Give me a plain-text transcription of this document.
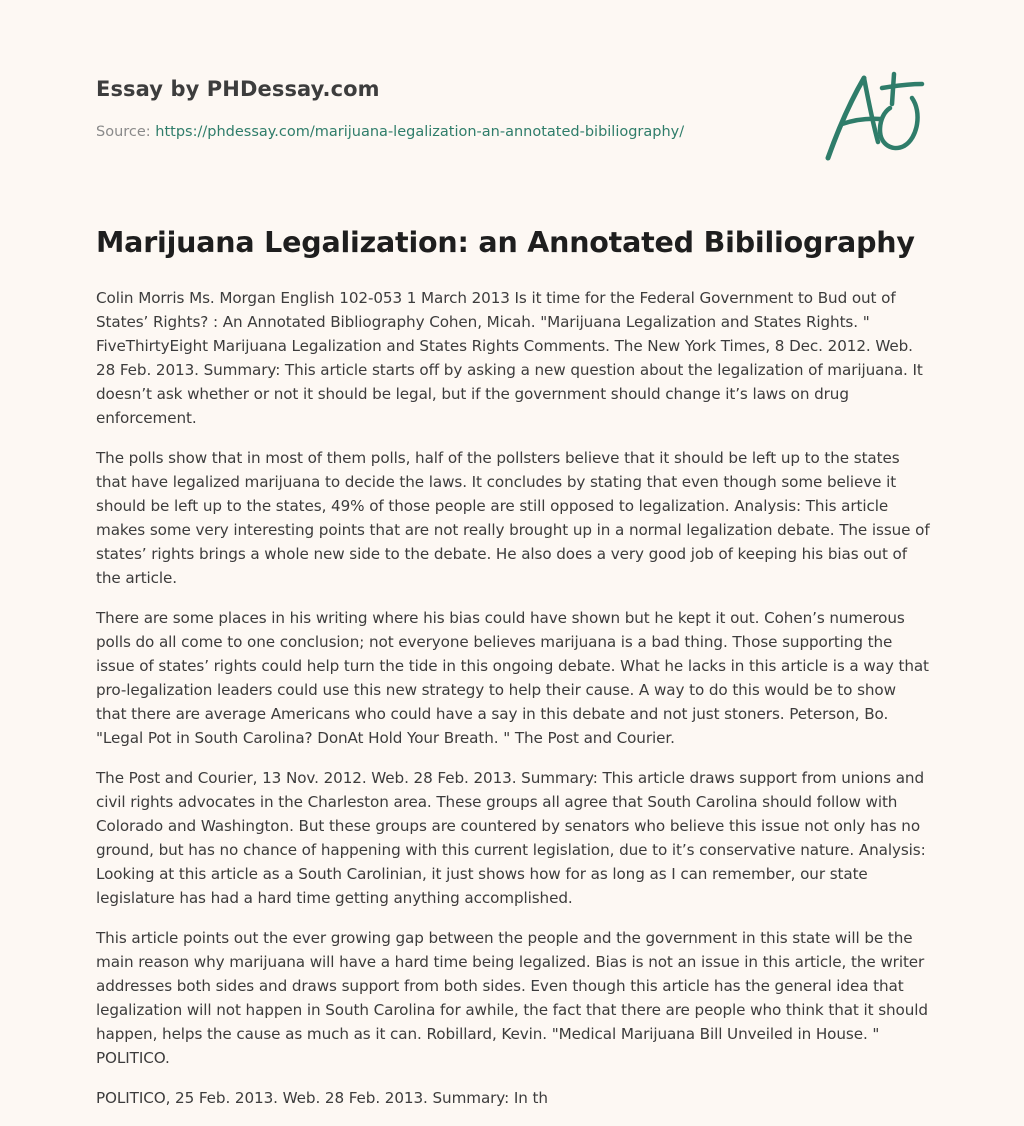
Essay by PHDessay.com
Source: https://phdessay.com/marijuana-legalization-an-annotated-bibiliography/
Marijuana Legalization: an Annotated Bibiliography

Colin Morris Ms. Morgan English 102-053 1 March 2013 Is it time for the Federal Government to Bud out of States’ Rights? : An Annotated Bibliography Cohen, Micah. "Marijuana Legalization and States Rights. " FiveThirtyEight Marijuana Legalization and States Rights Comments. The New York Times, 8 Dec. 2012. Web. 28 Feb. 2013. Summary: This article starts off by asking a new question about the legalization of marijuana. It doesn’t ask whether or not it should be legal, but if the government should change it’s laws on drug enforcement.

The polls show that in most of them polls, half of the pollsters believe that it should be left up to the states that have legalized marijuana to decide the laws. It concludes by stating that even though some believe it should be left up to the states, 49% of those people are still opposed to legalization. Analysis: This article makes some very interesting points that are not really brought up in a normal legalization debate. The issue of states’ rights brings a whole new side to the debate. He also does a very good job of keeping his bias out of the article.

There are some places in his writing where his bias could have shown but he kept it out. Cohen’s numerous polls do all come to one conclusion; not everyone believes marijuana is a bad thing. Those supporting the issue of states’ rights could help turn the tide in this ongoing debate. What he lacks in this article is a way that pro-legalization leaders could use this new strategy to help their cause. A way to do this would be to show that there are average Americans who could have a say in this debate and not just stoners. Peterson, Bo. "Legal Pot in South Carolina? DonAt Hold Your Breath. " The Post and Courier.

The Post and Courier, 13 Nov. 2012. Web. 28 Feb. 2013. Summary: This article draws support from unions and civil rights advocates in the Charleston area. These groups all agree that South Carolina should follow with Colorado and Washington. But these groups are countered by senators who believe this issue not only has no ground, but has no chance of happening with this current legislation, due to it’s conservative nature. Analysis: Looking at this article as a South Carolinian, it just shows how for as long as I can remember, our state legislature has had a hard time getting anything accomplished.

This article points out the ever growing gap between the people and the government in this state will be the main reason why marijuana will have a hard time being legalized. Bias is not an issue in this article, the writer addresses both sides and draws support from both sides. Even though this article has the general idea that legalization will not happen in South Carolina for awhile, the fact that there are people who think that it should happen, helps the cause as much as it can. Robillard, Kevin. "Medical Marijuana Bill Unveiled in House. " POLITICO.

POLITICO, 25 Feb. 2013. Web. 28 Feb. 2013. Summary: In th
